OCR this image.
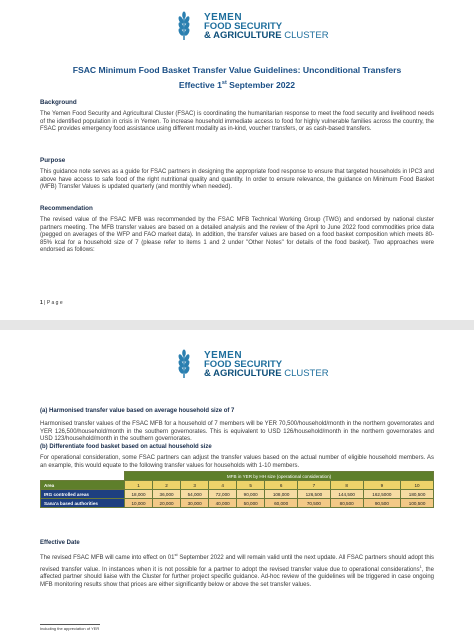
YEMEN
FOOD SECURITY
& AGRICULTURE CLUSTER
FSAC Minimum Food Basket Transfer Value Guidelines: Unconditional Transfers
Effective 1st September 2022
Background
The Yemen Food Security and Agricultural Cluster (FSAC) is coordinating the humanitarian response to meet the food security and livelihood needs of the identified population in crisis in Yemen. To increase household immediate access to food for highly vulnerable families across the country, the FSAC provides emergency food assistance using different modality as in-kind, voucher transfers, or as cash-based transfers.
Purpose
This guidance note serves as a guide for FSAC partners in designing the appropriate food response to ensure that targeted households in IPC3 and above have access to safe food of the right nutritional quality and quantity. In order to ensure relevance, the guidance on Minimum Food Basket (MFB) Transfer Values is updated quarterly (and monthly when needed).
Recommendation
The revised value of the FSAC MFB was recommended by the FSAC MFB Technical Working Group (TWG) and endorsed by national cluster partners meeting. The MFB transfer values are based on a detailed analysis and the review of the April to June 2022 food commodities price data (pegged on averages of the WFP and FAO market data). In addition, the transfer values are based on a food basket composition which meets 80-85% kcal for a household size of 7 (please refer to items 1 and 2 under "Other Notes" for details of the food basket). Two approaches were endorsed as follows:
1 | P a g e
YEMEN
FOOD SECURITY
& AGRICULTURE CLUSTER
(a) Harmonised transfer value based on average household size of 7
Harmonised transfer values of the FSAC MFB for a household of 7 members will be YER 70,500/household/month in the northern governorates and YER 126,500/household/month in the southern governorates. This is equivalent to USD 126/household/month in the northern governorates and USD 123/household/month in the southern governorates.
(b) Differentiate food basket based on actual household size
For operational consideration, some FSAC partners can adjust the transfer values based on the actual number of eligible household members. As an example, this would equate to the following transfer values for households with 1-10 members.
	MFB in YER by HH size (operational consideration)									
Area	1	2	3	4	5	6	7	8	9	10
IRG controlled areas	18,000	36,000	54,000	72,000	90,000	108,000	126,500	144,500	162,5000	180,500
Sana'a based authorities	10,000	20,000	30,000	40,000	50,000	60,000	70,500	80,500	90,500	100,500
Effective Date
The revised FSAC MFB will came into effect on 01st September 2022 and will remain valid until the next update. All FSAC partners should adopt this revised transfer value. In instances when it is not possible for a partner to adopt the revised transfer value due to operational considerations$^1$, the affected partner should liaise with the Cluster for further project specific guidance. Ad-hoc review of the guidelines will be triggered in case ongoing MFB monitoring results show that prices are either significantly below or above the set transfer values.
Including the appreciation of YER
